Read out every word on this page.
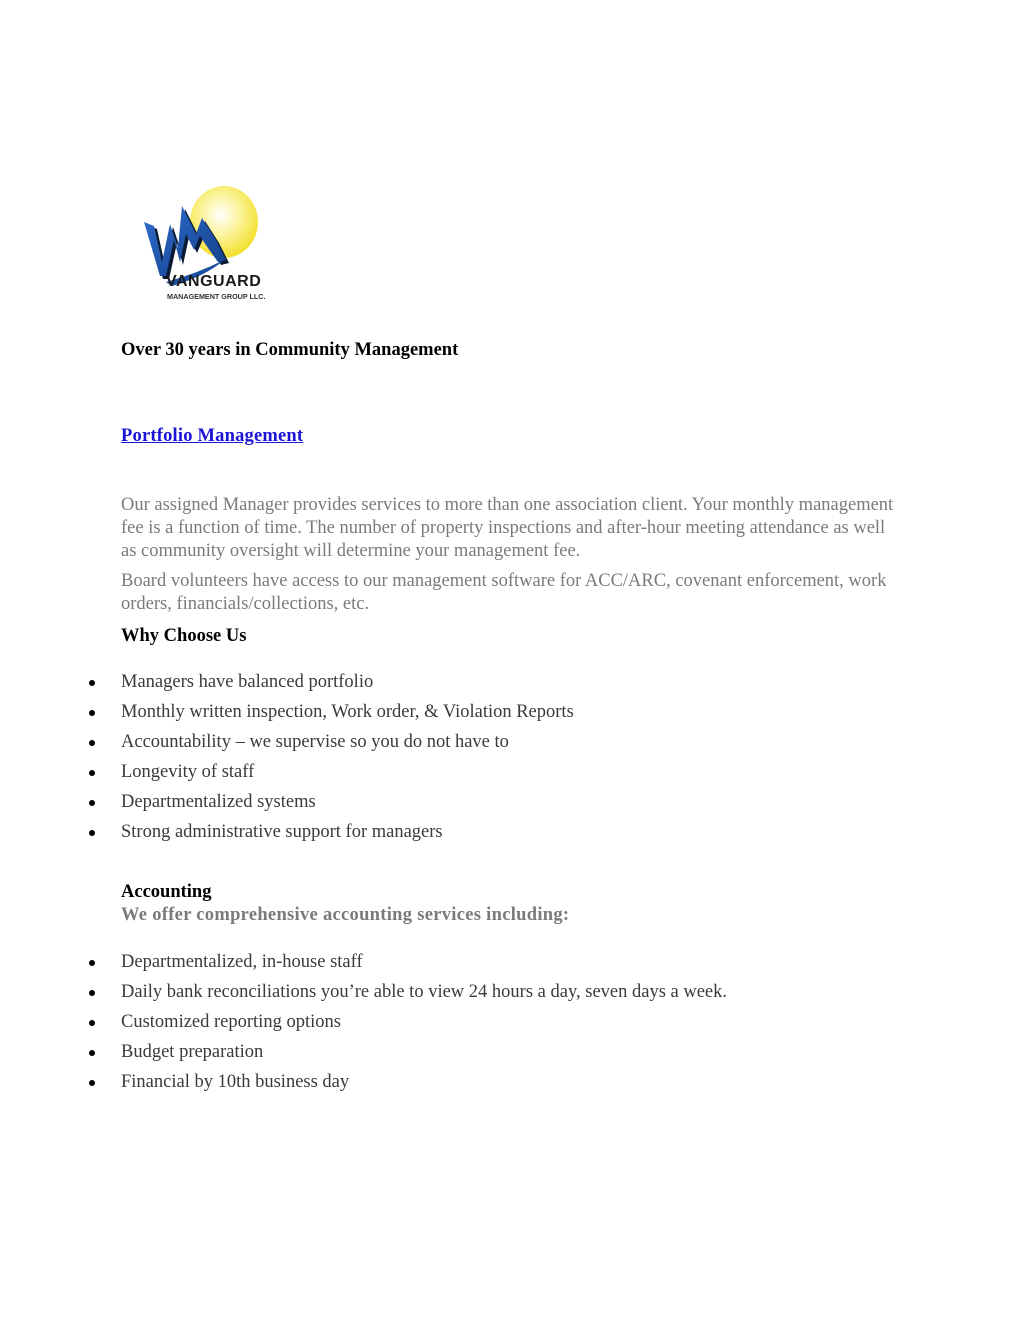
VANGUARD
MANAGEMENT GROUP LLC.

Over 30 years in Community Management

Portfolio Management

Our assigned Manager provides services to more than one association client. Your monthly management fee is a function of time. The number of property inspections and after-hour meeting attendance as well as community oversight will determine your management fee.

Board volunteers have access to our management software for ACC/ARC, covenant enforcement, work orders, financials/collections, etc.

Why Choose Us

Managers have balanced portfolio
Monthly written inspection, Work order, & Violation Reports
Accountability – we supervise so you do not have to
Longevity of staff
Departmentalized systems
Strong administrative support for managers

Accounting

We offer comprehensive accounting services including:

Departmentalized, in-house staff
Daily bank reconciliations you’re able to view 24 hours a day, seven days a week.
Customized reporting options
Budget preparation
Financial by 10th business day
